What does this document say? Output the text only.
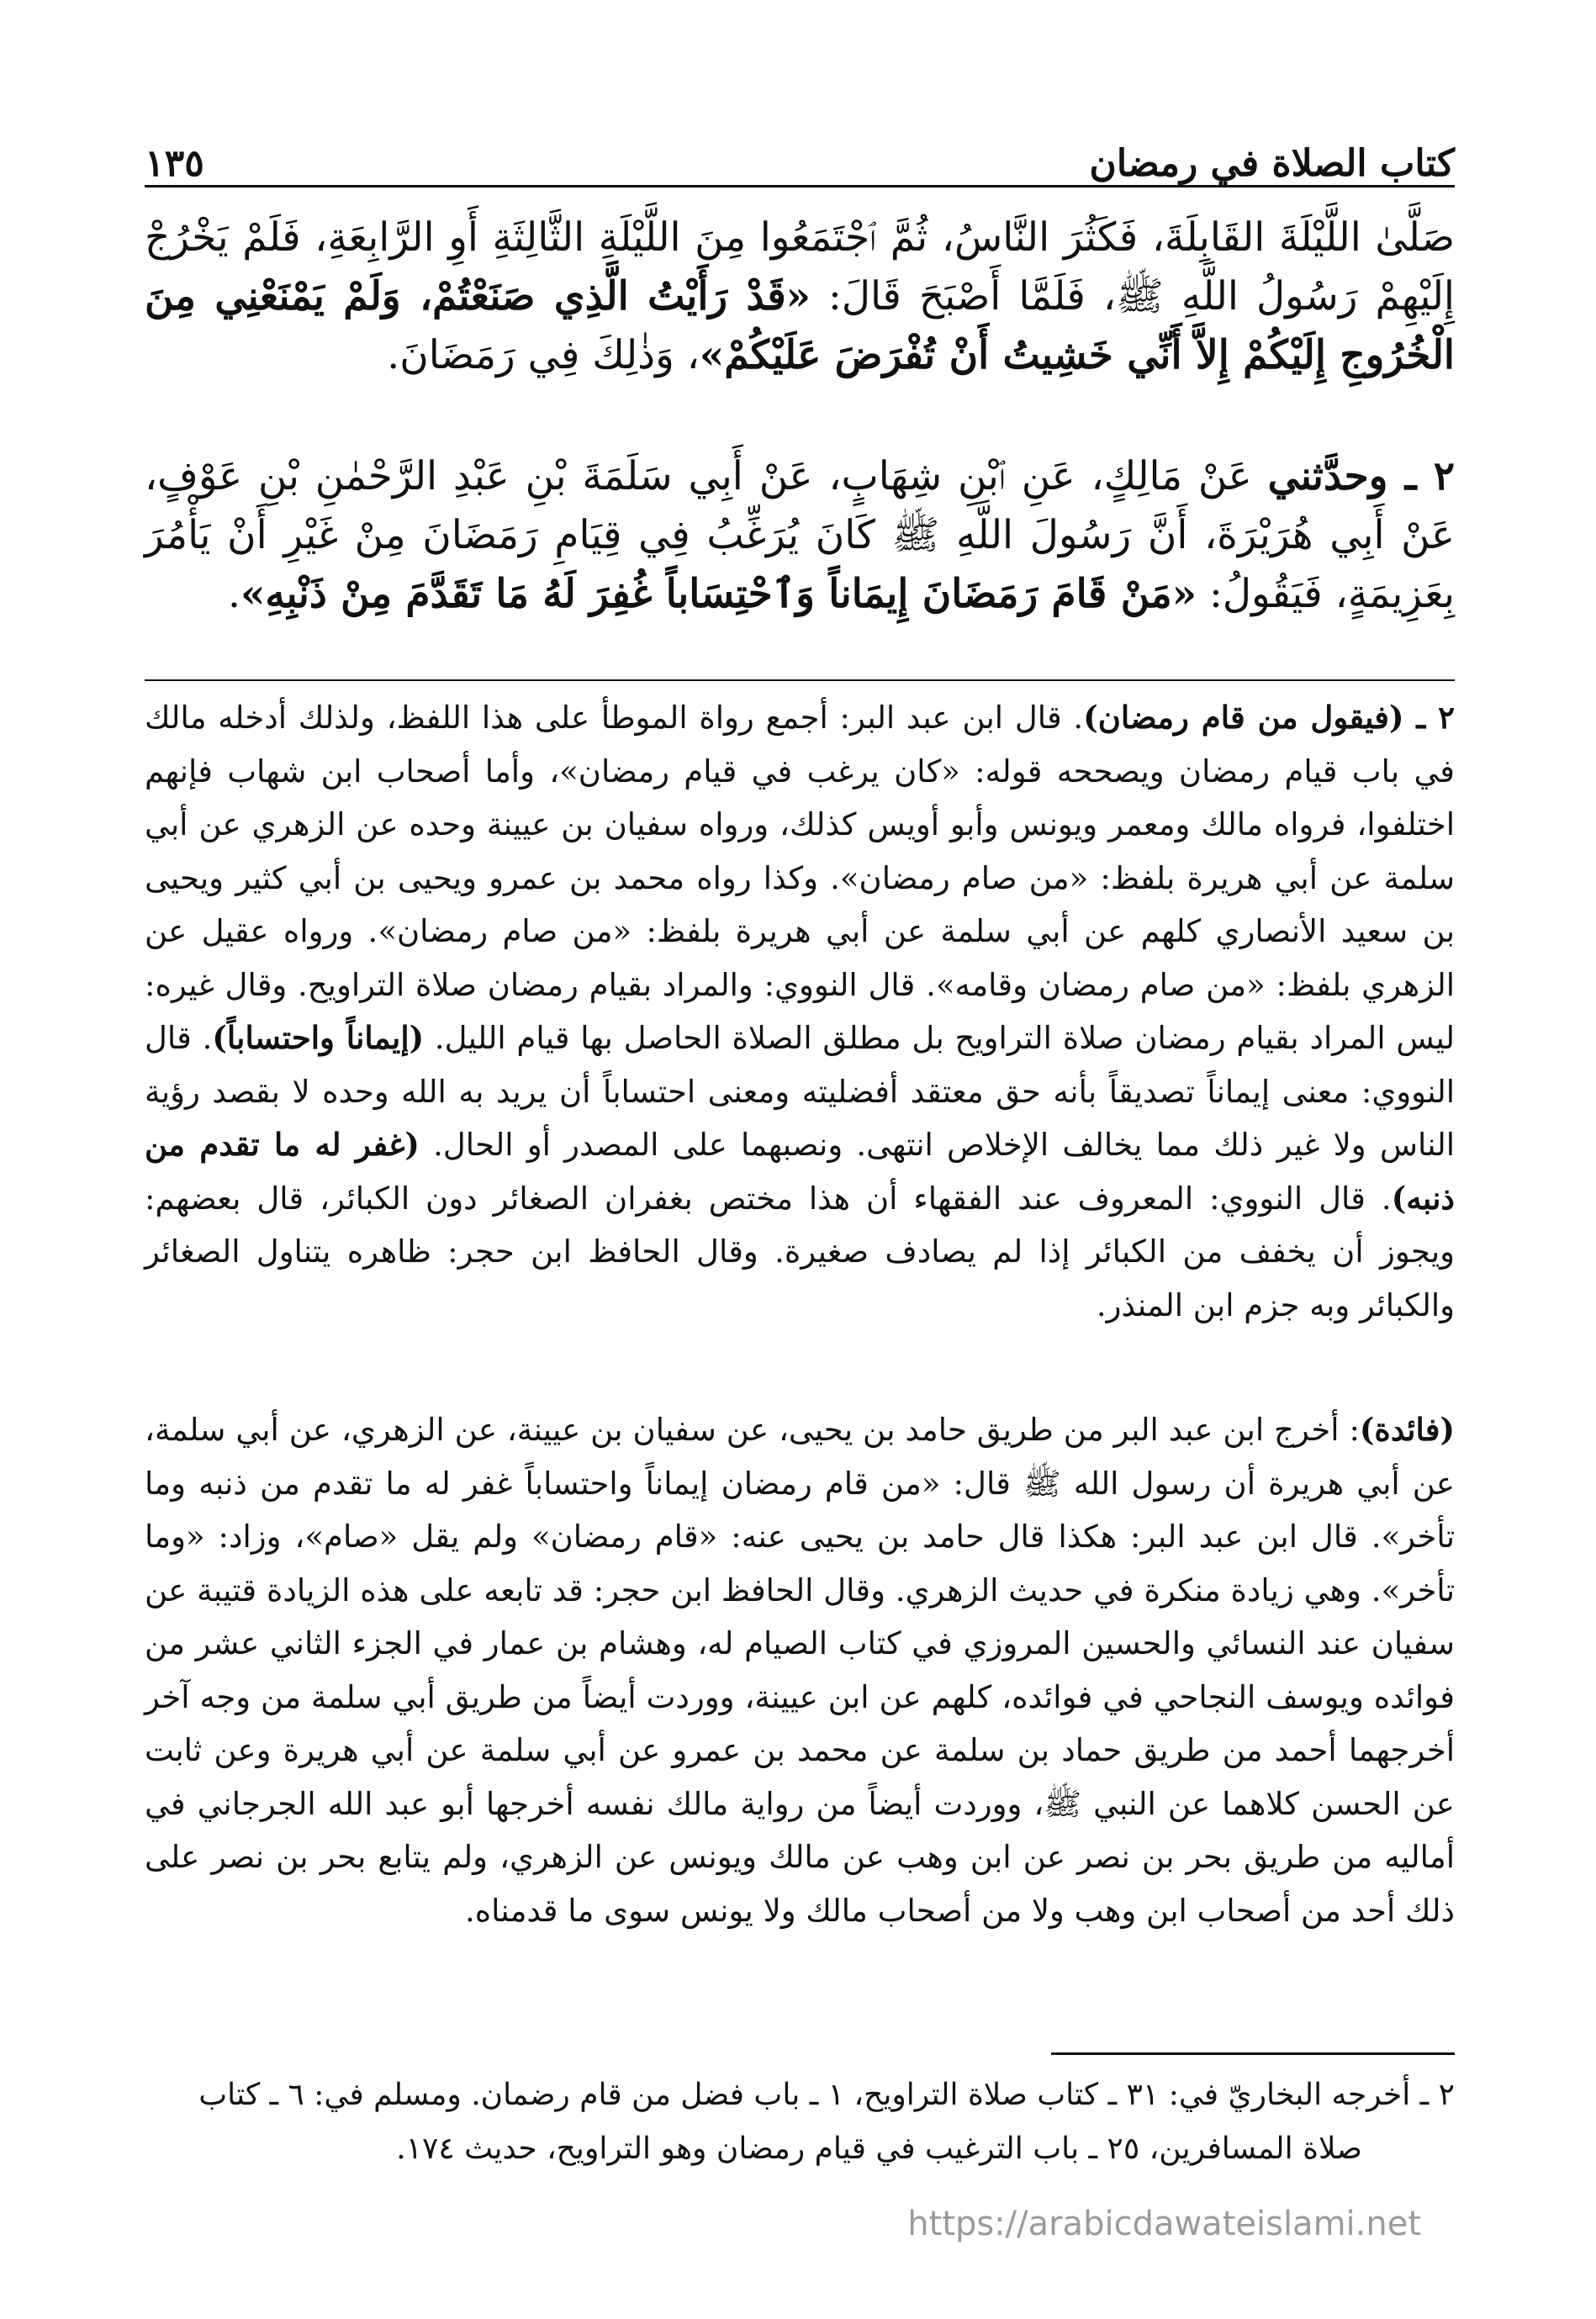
كتاب الصلاة في رمضان
١٣٥

صَلَّىٰ اللَّيْلَةَ القَابِلَةَ، فَكَثُرَ النَّاسُ، ثُمَّ ٱجْتَمَعُوا مِنَ اللَّيْلَةِ الثَّالِثَةِ أَوِ الرَّابِعَةِ، فَلَمْ يَخْرُجْ إِلَيْهِمْ رَسُولُ اللَّهِ ﷺ، فَلَمَّا أَصْبَحَ قَالَ: «قَدْ رَأَيْتُ الَّذِي صَنَعْتُمْ، وَلَمْ يَمْنَعْنِي مِنَ الْخُرُوجِ إِلَيْكُمْ إِلاَّ أَنِّي خَشِيتُ أَنْ تُفْرَضَ عَلَيْكُمْ»، وَذٰلِكَ فِي رَمَضَانَ.

٢ ـ وحدَّثني عَنْ مَالِكٍ، عَنِ ٱبْنِ شِهَابٍ، عَنْ أَبِي سَلَمَةَ بْنِ عَبْدِ الرَّحْمٰنِ بْنِ عَوْفٍ، عَنْ أَبِي هُرَيْرَةَ، أَنَّ رَسُولَ اللَّهِ ﷺ كَانَ يُرَغِّبُ فِي قِيَامِ رَمَضَانَ مِنْ غَيْرِ أَنْ يَأْمُرَ بِعَزِيمَةٍ، فَيَقُولُ: «مَنْ قَامَ رَمَضَانَ إِيمَاناً وَٱحْتِسَاباً غُفِرَ لَهُ مَا تَقَدَّمَ مِنْ ذَنْبِهِ».

٢ ـ (فيقول من قام رمضان). قال ابن عبد البر: أجمع رواة الموطأ على هذا اللفظ، ولذلك أدخله مالك في باب قيام رمضان ويصححه قوله: «كان يرغب في قيام رمضان»، وأما أصحاب ابن شهاب فإنهم اختلفوا، فرواه مالك ومعمر ويونس وأبو أويس كذلك، ورواه سفيان بن عيينة وحده عن الزهري عن أبي سلمة عن أبي هريرة بلفظ: «من صام رمضان». وكذا رواه محمد بن عمرو ويحيى بن أبي كثير ويحيى بن سعيد الأنصاري كلهم عن أبي سلمة عن أبي هريرة بلفظ: «من صام رمضان». ورواه عقيل عن الزهري بلفظ: «من صام رمضان وقامه». قال النووي: والمراد بقيام رمضان صلاة التراويح. وقال غيره: ليس المراد بقيام رمضان صلاة التراويح بل مطلق الصلاة الحاصل بها قيام الليل. (إيماناً واحتساباً). قال النووي: معنى إيماناً تصديقاً بأنه حق معتقد أفضليته ومعنى احتساباً أن يريد به الله وحده لا بقصد رؤية الناس ولا غير ذلك مما يخالف الإخلاص انتهى. ونصبهما على المصدر أو الحال. (غفر له ما تقدم من ذنبه). قال النووي: المعروف عند الفقهاء أن هذا مختص بغفران الصغائر دون الكبائر، قال بعضهم: ويجوز أن يخفف من الكبائر إذا لم يصادف صغيرة. وقال الحافظ ابن حجر: ظاهره يتناول الصغائر والكبائر وبه جزم ابن المنذر.

(فائدة): أخرج ابن عبد البر من طريق حامد بن يحيى، عن سفيان بن عيينة، عن الزهري، عن أبي سلمة، عن أبي هريرة أن رسول الله ﷺ قال: «من قام رمضان إيماناً واحتساباً غفر له ما تقدم من ذنبه وما تأخر». قال ابن عبد البر: هكذا قال حامد بن يحيى عنه: «قام رمضان» ولم يقل «صام»، وزاد: «وما تأخر». وهي زيادة منكرة في حديث الزهري. وقال الحافظ ابن حجر: قد تابعه على هذه الزيادة قتيبة عن سفيان عند النسائي والحسين المروزي في كتاب الصيام له، وهشام بن عمار في الجزء الثاني عشر من فوائده ويوسف النجاحي في فوائده، كلهم عن ابن عيينة، ووردت أيضاً من طريق أبي سلمة من وجه آخر أخرجهما أحمد من طريق حماد بن سلمة عن محمد بن عمرو عن أبي سلمة عن أبي هريرة وعن ثابت عن الحسن كلاهما عن النبي ﷺ، ووردت أيضاً من رواية مالك نفسه أخرجها أبو عبد الله الجرجاني في أماليه من طريق بحر بن نصر عن ابن وهب عن مالك ويونس عن الزهري، ولم يتابع بحر بن نصر على ذلك أحد من أصحاب ابن وهب ولا من أصحاب مالك ولا يونس سوى ما قدمناه.

٢ ـ أخرجه البخاريّ في: ٣١ ـ كتاب صلاة التراويح، ١ ـ باب فضل من قام رضمان. ومسلم في: ٦ ـ كتاب

صلاة المسافرين، ٢٥ ـ باب الترغيب في قيام رمضان وهو التراويح، حديث ١٧٤.

https://arabicdawateislami.net
